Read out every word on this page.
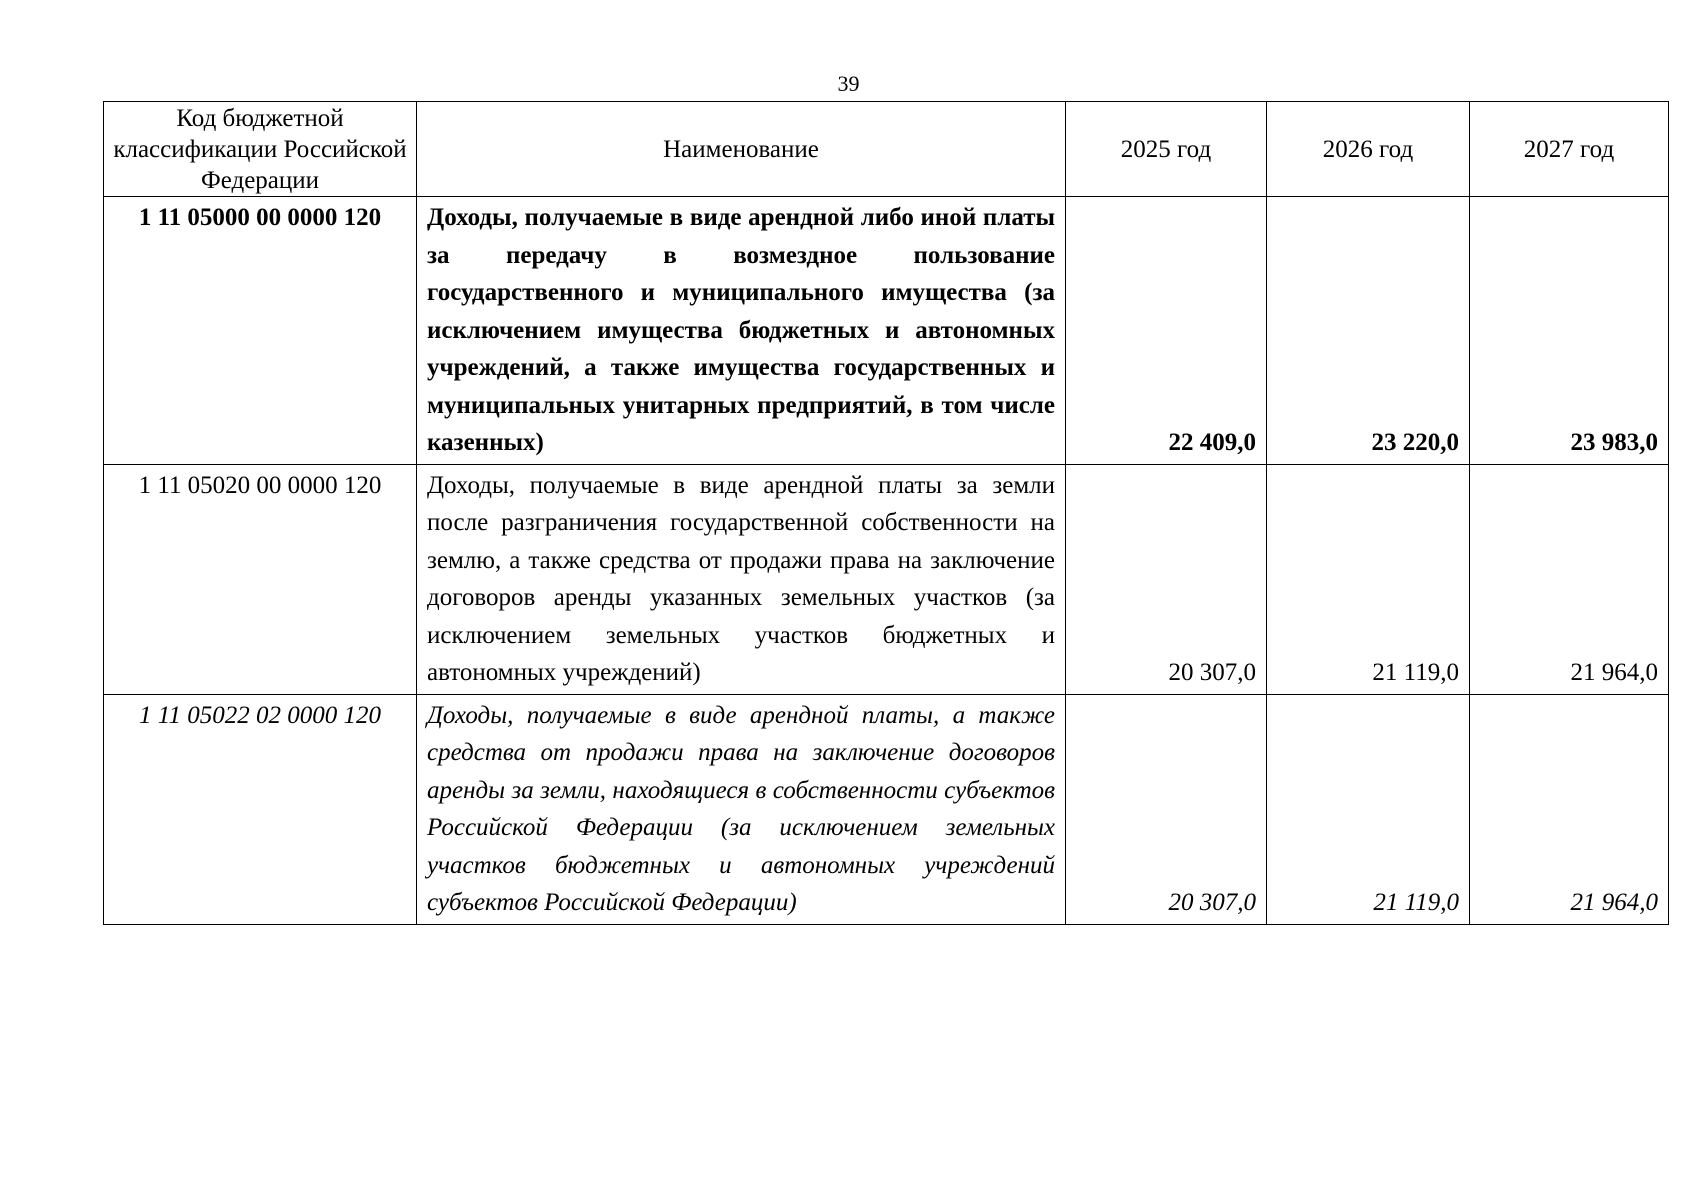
39
Код бюджетной классификации Российской Федерации	Наименование	2025 год	2026 год	2027 год
1 11 05000 00 0000 120	Доходы, получаемые в виде арендной либо иной платы за передачу в возмездное пользование государственного и муниципального имущества (за исключением имущества бюджетных и автономных учреждений, а также имущества государственных и муниципальных унитарных предприятий, в том числе казенных)	22 409,0	23 220,0	23 983,0
1 11 05020 00 0000 120	Доходы, получаемые в виде арендной платы за земли после разграничения государственной собственности на землю, а также средства от продажи права на заключение договоров аренды указанных земельных участков (за исключением земельных участков бюджетных и автономных учреждений)	20 307,0	21 119,0	21 964,0
1 11 05022 02 0000 120	Доходы, получаемые в виде арендной платы, а также средства от продажи права на заключение договоров аренды за земли, находящиеся в собственности субъектов Российской Федерации (за исключением земельных участков бюджетных и автономных учреждений субъектов Российской Федерации)	20 307,0	21 119,0	21 964,0
